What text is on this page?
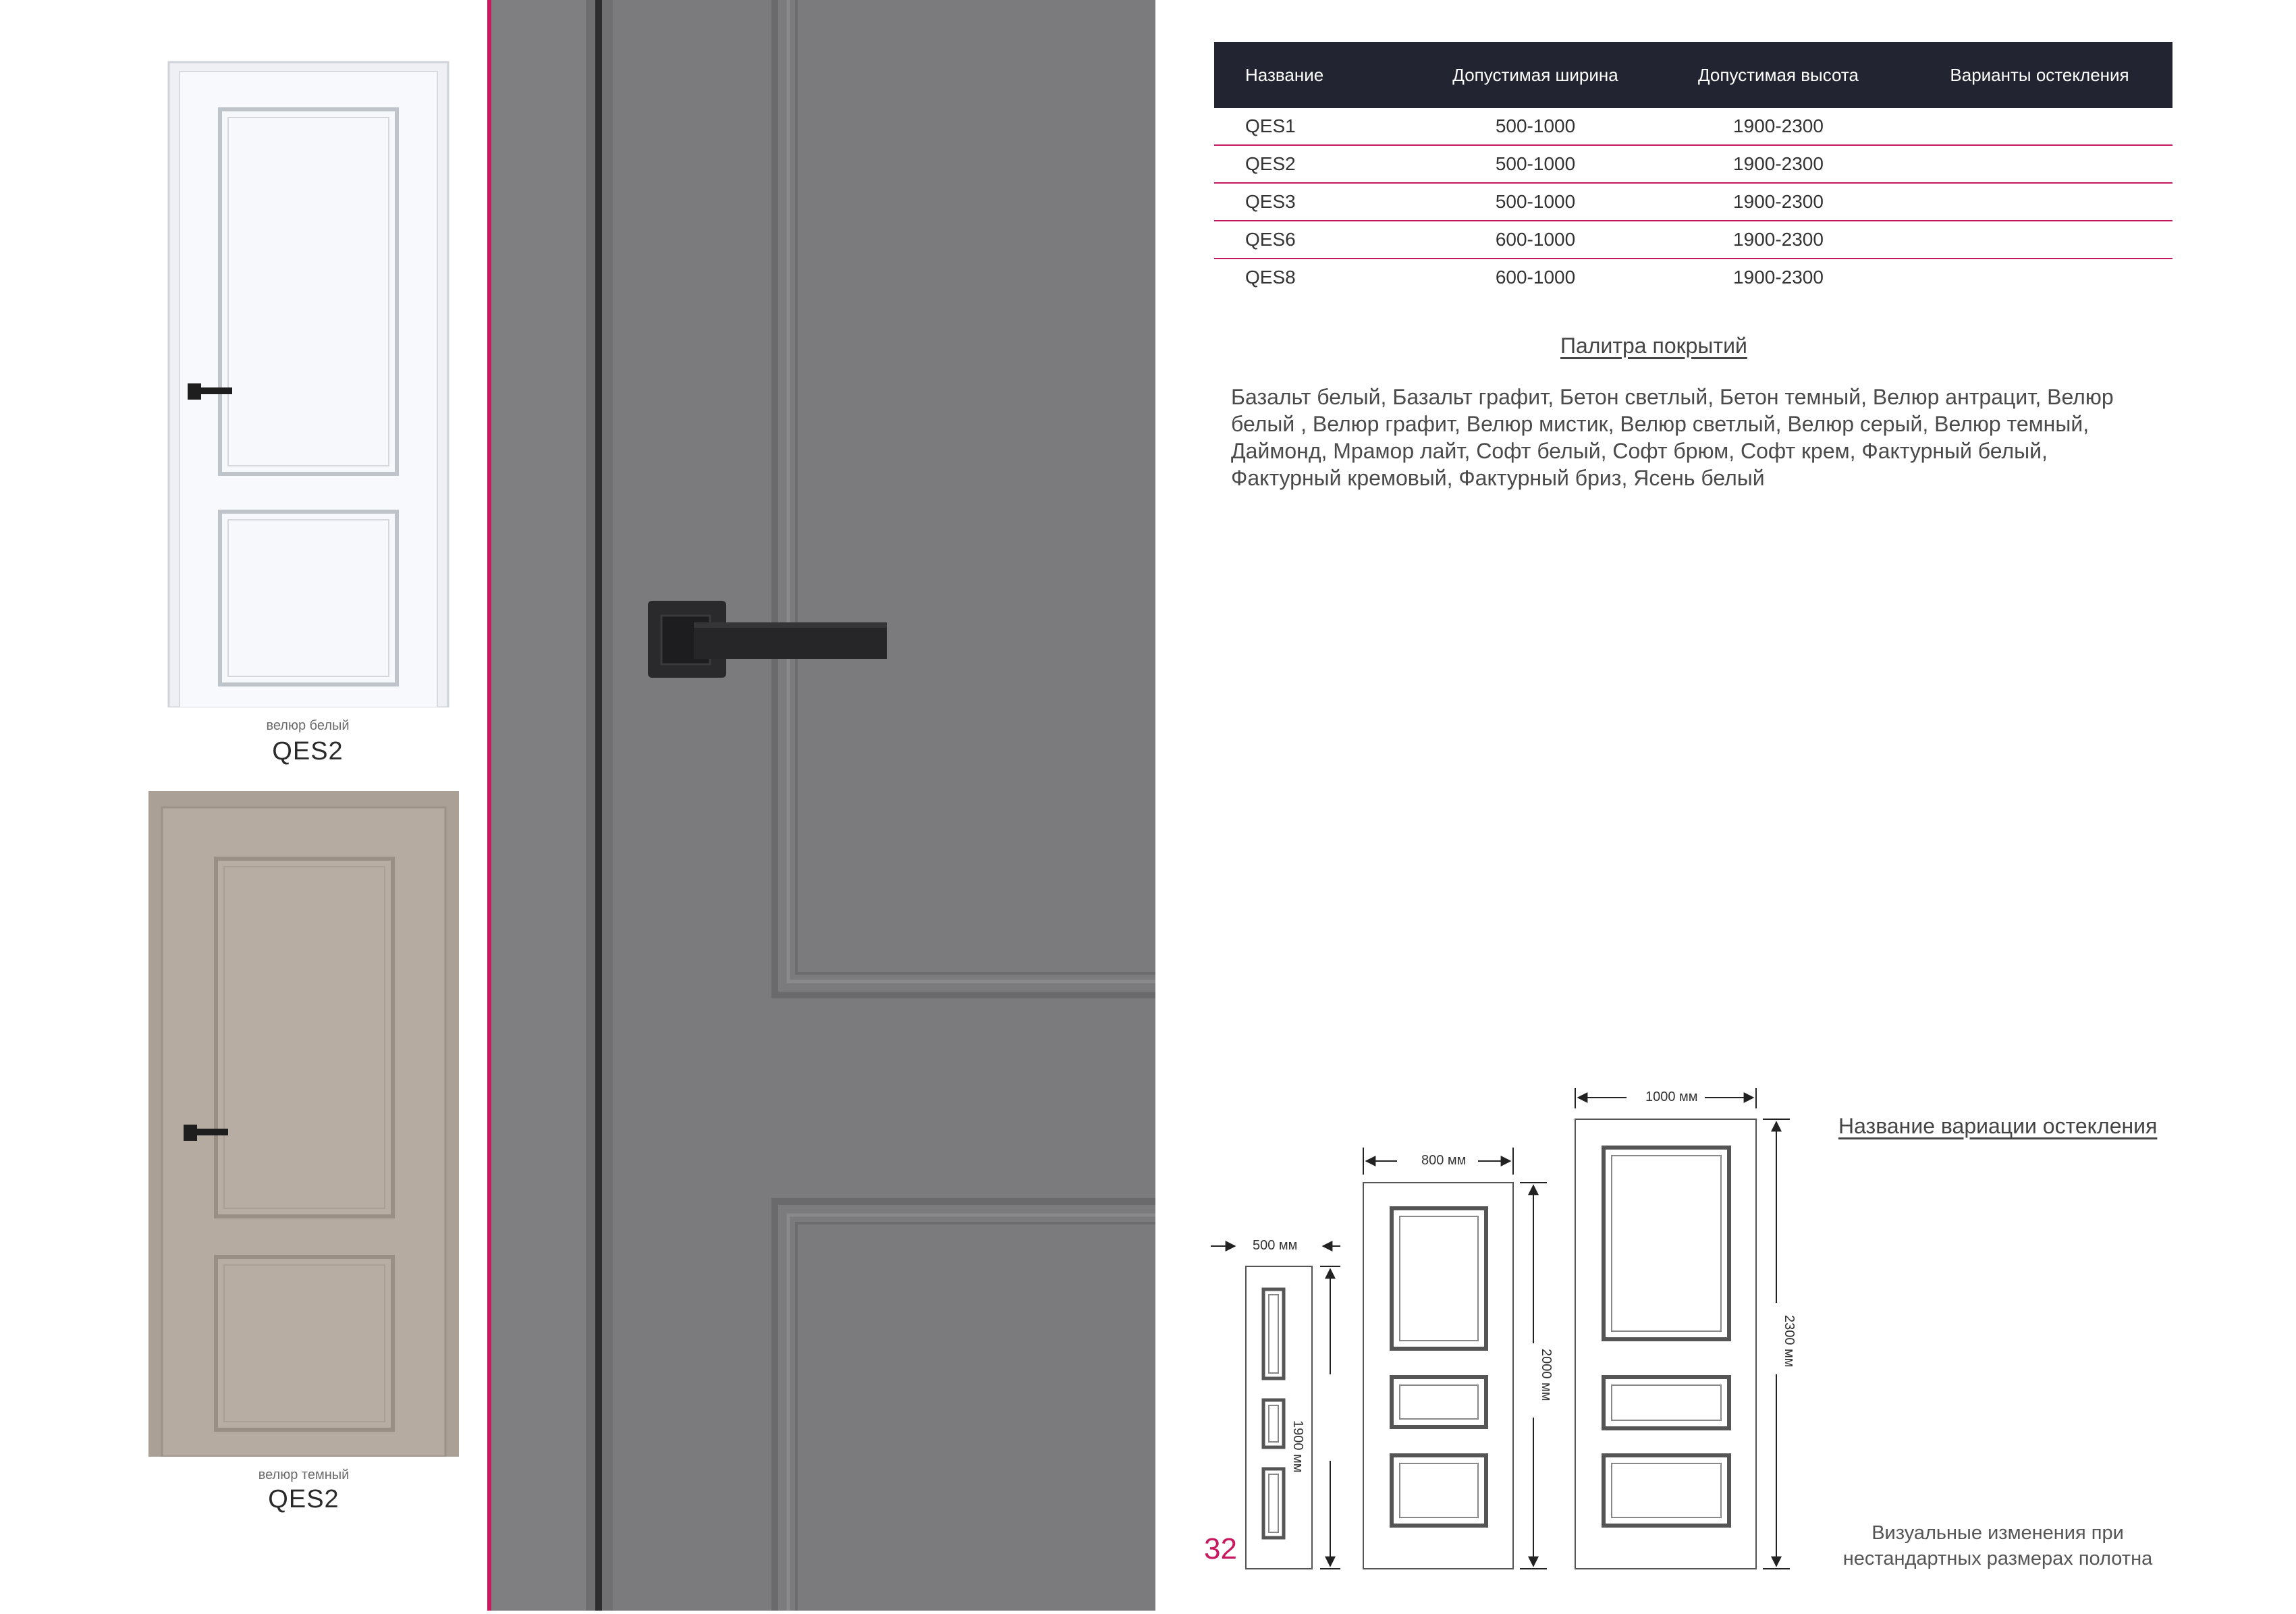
велюр белый
QES2
велюр темный
QES2
Название	Допустимая ширина	Допустимая высота	Варианты остекления
QES1	500-1000	1900-2300	
QES2	500-1000	1900-2300	
QES3	500-1000	1900-2300	
QES6	600-1000	1900-2300	
QES8	600-1000	1900-2300	
Палитра покрытий
Базальт белый, Базальт графит, Бетон светлый, Бетон темный, Велюр антрацит, Велюр белый , Велюр графит, Велюр мистик, Велюр светлый, Велюр серый, Велюр темный, Даймонд, Мрамор лайт, Софт белый, Софт брюм, Софт крем, Фактурный белый, Фактурный кремовый, Фактурный бриз, Ясень белый
Название вариации остекления
500 мм
1900 мм
800 мм
2000 мм
1000 мм
2300 мм
Визуальные изменения при нестандартных размерах полотна
32
